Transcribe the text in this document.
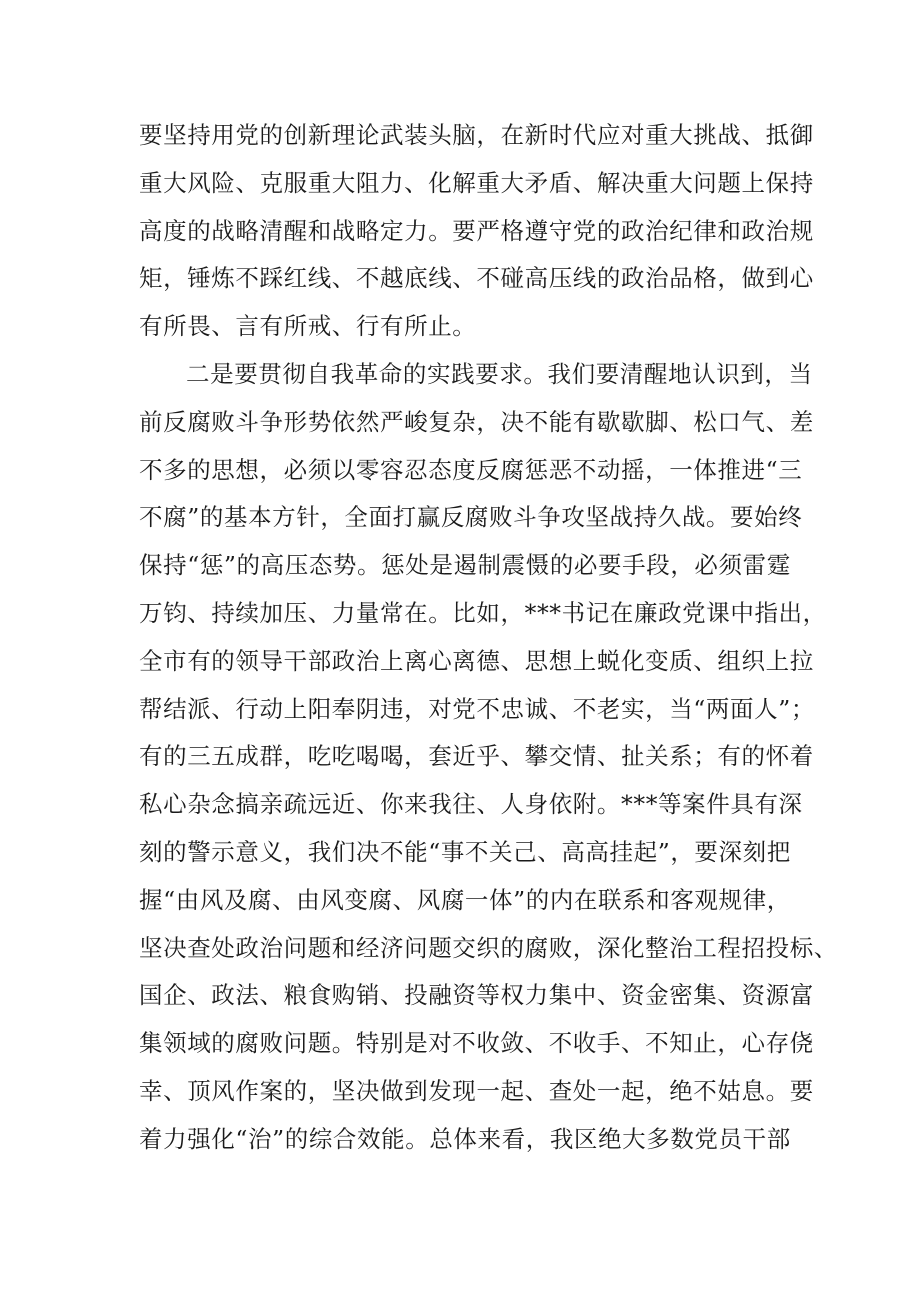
要坚持用党的创新理论武装头脑，在新时代应对重大挑战、抵御
重大风险、克服重大阻力、化解重大矛盾、解决重大问题上保持
高度的战略清醒和战略定力。要严格遵守党的政治纪律和政治规
矩，锤炼不踩红线、不越底线、不碰高压线的政治品格，做到心
有所畏、言有所戒、行有所止。
二是要贯彻自我革命的实践要求。我们要清醒地认识到，当
前反腐败斗争形势依然严峻复杂，决不能有歇歇脚、松口气、差
不多的思想，必须以零容忍态度反腐惩恶不动摇，一体推进“三
不腐”的基本方针，全面打赢反腐败斗争攻坚战持久战。要始终
保持“惩”的高压态势。惩处是遏制震慑的必要手段，必须雷霆
万钧、持续加压、力量常在。比如，***书记在廉政党课中指出，
全市有的领导干部政治上离心离德、思想上蜕化变质、组织上拉
帮结派、行动上阳奉阴违，对党不忠诚、不老实，当“两面人”；
有的三五成群，吃吃喝喝，套近乎、攀交情、扯关系；有的怀着
私心杂念搞亲疏远近、你来我往、人身依附。***等案件具有深
刻的警示意义，我们决不能“事不关己、高高挂起”，要深刻把
握“由风及腐、由风变腐、风腐一体”的内在联系和客观规律，
坚决查处政治问题和经济问题交织的腐败，深化整治工程招投标、
国企、政法、粮食购销、投融资等权力集中、资金密集、资源富
集领域的腐败问题。特别是对不收敛、不收手、不知止，心存侥
幸、顶风作案的，坚决做到发现一起、查处一起，绝不姑息。要
着力强化“治”的综合效能。总体来看，我区绝大多数党员干部
